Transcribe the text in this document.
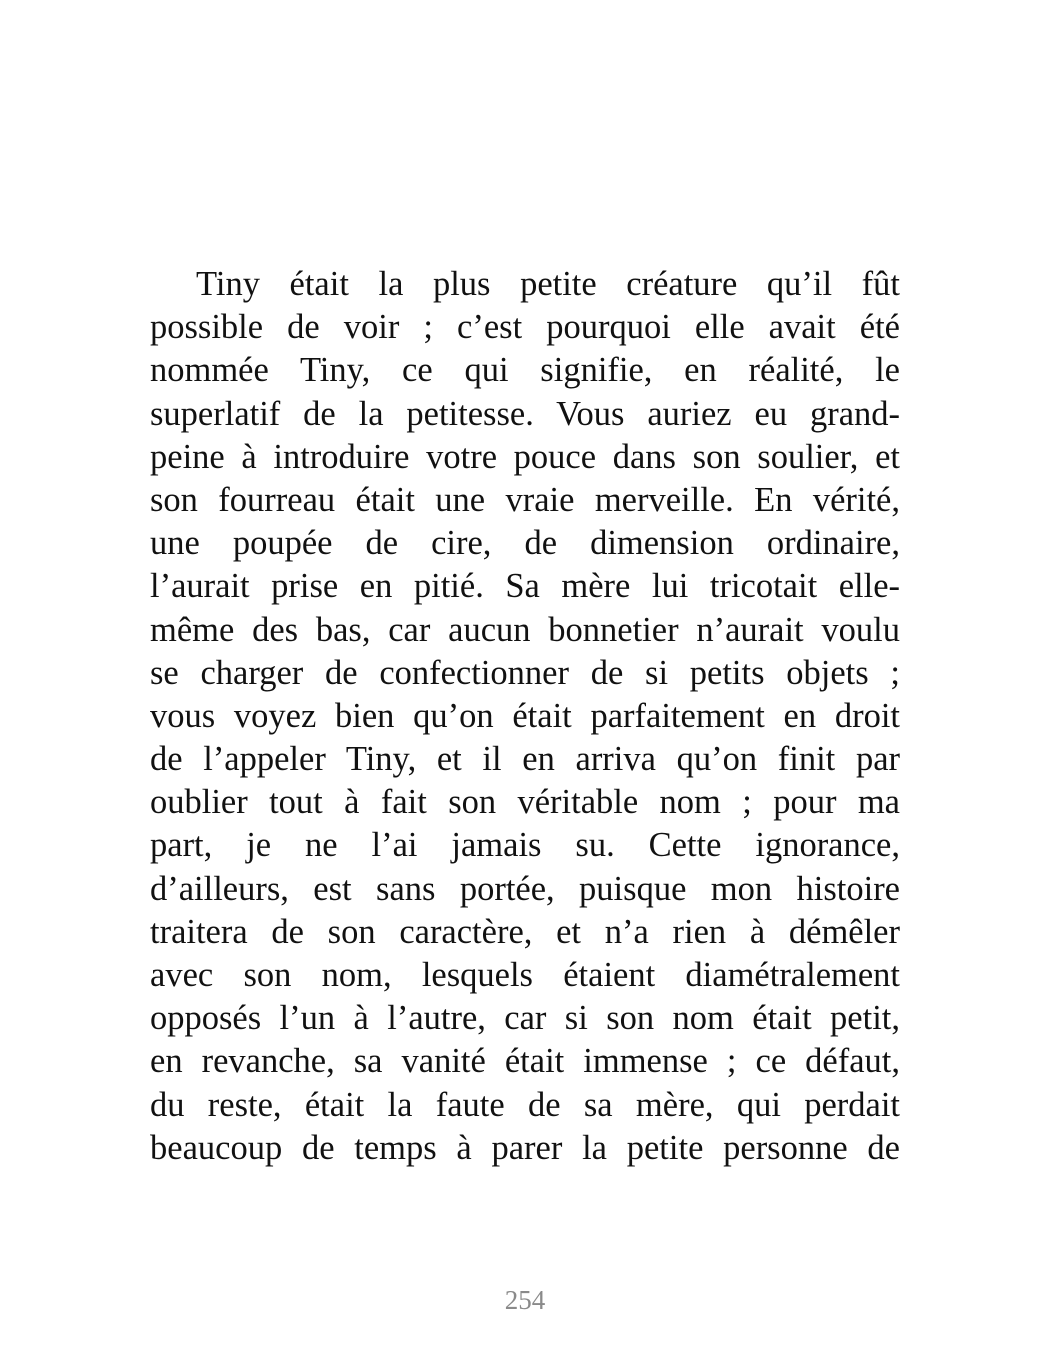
Tiny était la plus petite créature qu’il fût
possible de voir ; c’est pourquoi elle avait été
nommée Tiny, ce qui signifie, en réalité, le
superlatif de la petitesse. Vous auriez eu grand-
peine à introduire votre pouce dans son soulier, et
son fourreau était une vraie merveille. En vérité,
une poupée de cire, de dimension ordinaire,
l’aurait prise en pitié. Sa mère lui tricotait elle-
même des bas, car aucun bonnetier n’aurait voulu
se charger de confectionner de si petits objets ;
vous voyez bien qu’on était parfaitement en droit
de l’appeler Tiny, et il en arriva qu’on finit par
oublier tout à fait son véritable nom ; pour ma
part, je ne l’ai jamais su. Cette ignorance,
d’ailleurs, est sans portée, puisque mon histoire
traitera de son caractère, et n’a rien à démêler
avec son nom, lesquels étaient diamétralement
opposés l’un à l’autre, car si son nom était petit,
en revanche, sa vanité était immense ; ce défaut,
du reste, était la faute de sa mère, qui perdait
beaucoup de temps à parer la petite personne de
254
